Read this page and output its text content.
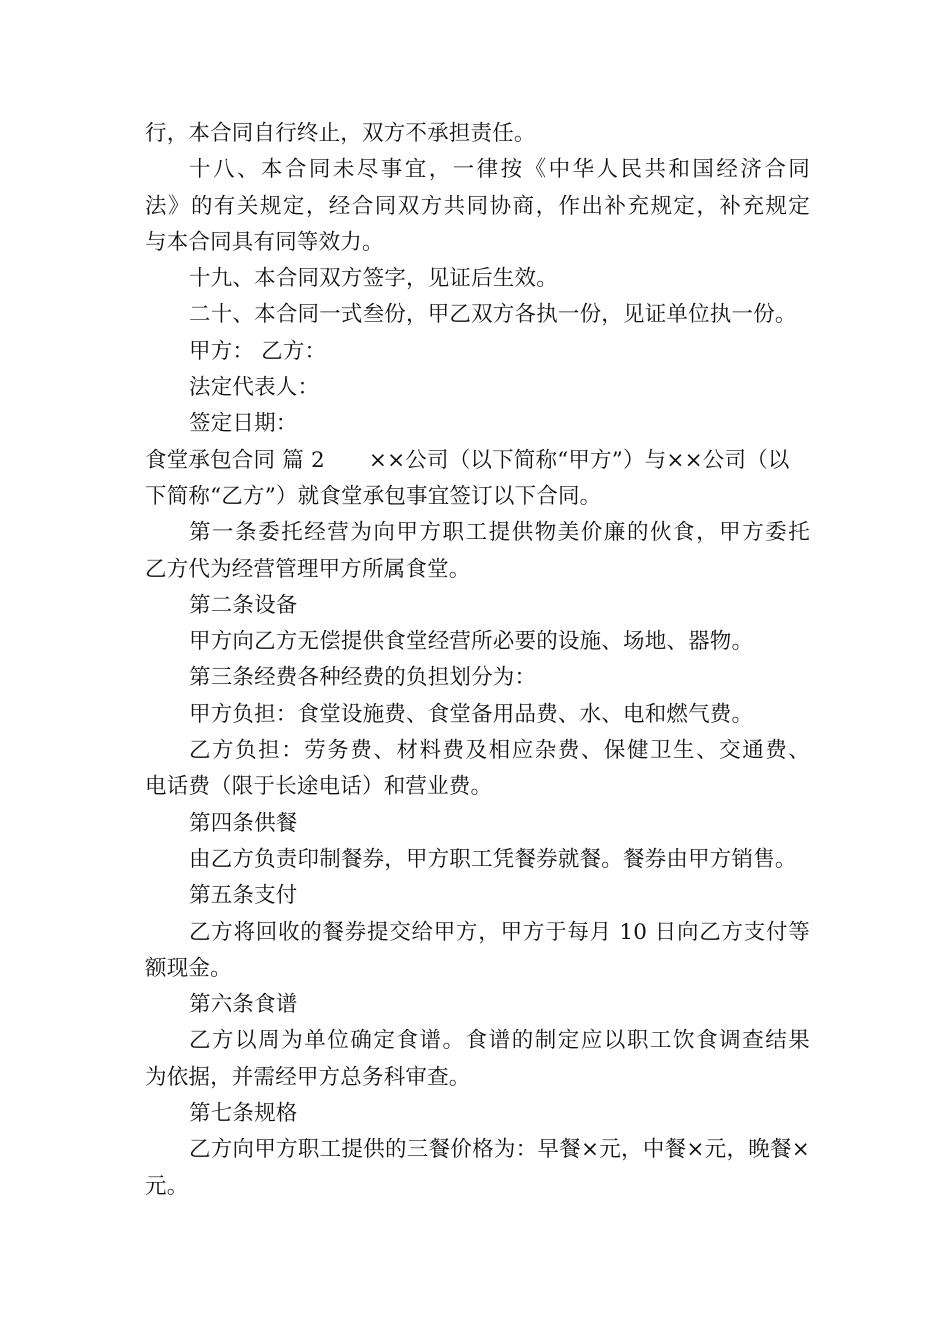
行，本合同自行终止，双方不承担责任。

十八、本合同未尽事宜，一律按《中华人民共和国经济合同

法》的有关规定，经合同双方共同协商，作出补充规定，补充规定

与本合同具有同等效力。

十九、本合同双方签字，见证后生效。

二十、本合同一式叁份，甲乙双方各执一份，见证单位执一份。

甲方： 乙方：

法定代表人：

签定日期：

食堂承包合同 篇 2 ××公司（以下简称“甲方”）与××公司（以

下简称“乙方”）就食堂承包事宜签订以下合同。

第一条委托经营为向甲方职工提供物美价廉的伙食，甲方委托

乙方代为经营管理甲方所属食堂。

第二条设备

甲方向乙方无偿提供食堂经营所必要的设施、场地、器物。

第三条经费各种经费的负担划分为：

甲方负担：食堂设施费、食堂备用品费、水、电和燃气费。

乙方负担：劳务费、材料费及相应杂费、保健卫生、交通费、

电话费（限于长途电话）和营业费。

第四条供餐

由乙方负责印制餐券，甲方职工凭餐券就餐。餐券由甲方销售。

第五条支付

乙方将回收的餐券提交给甲方，甲方于每月 10 日向乙方支付等

额现金。

第六条食谱

乙方以周为单位确定食谱。食谱的制定应以职工饮食调查结果

为依据，并需经甲方总务科审查。

第七条规格

乙方向甲方职工提供的三餐价格为：早餐×元，中餐×元，晚餐×

元。
